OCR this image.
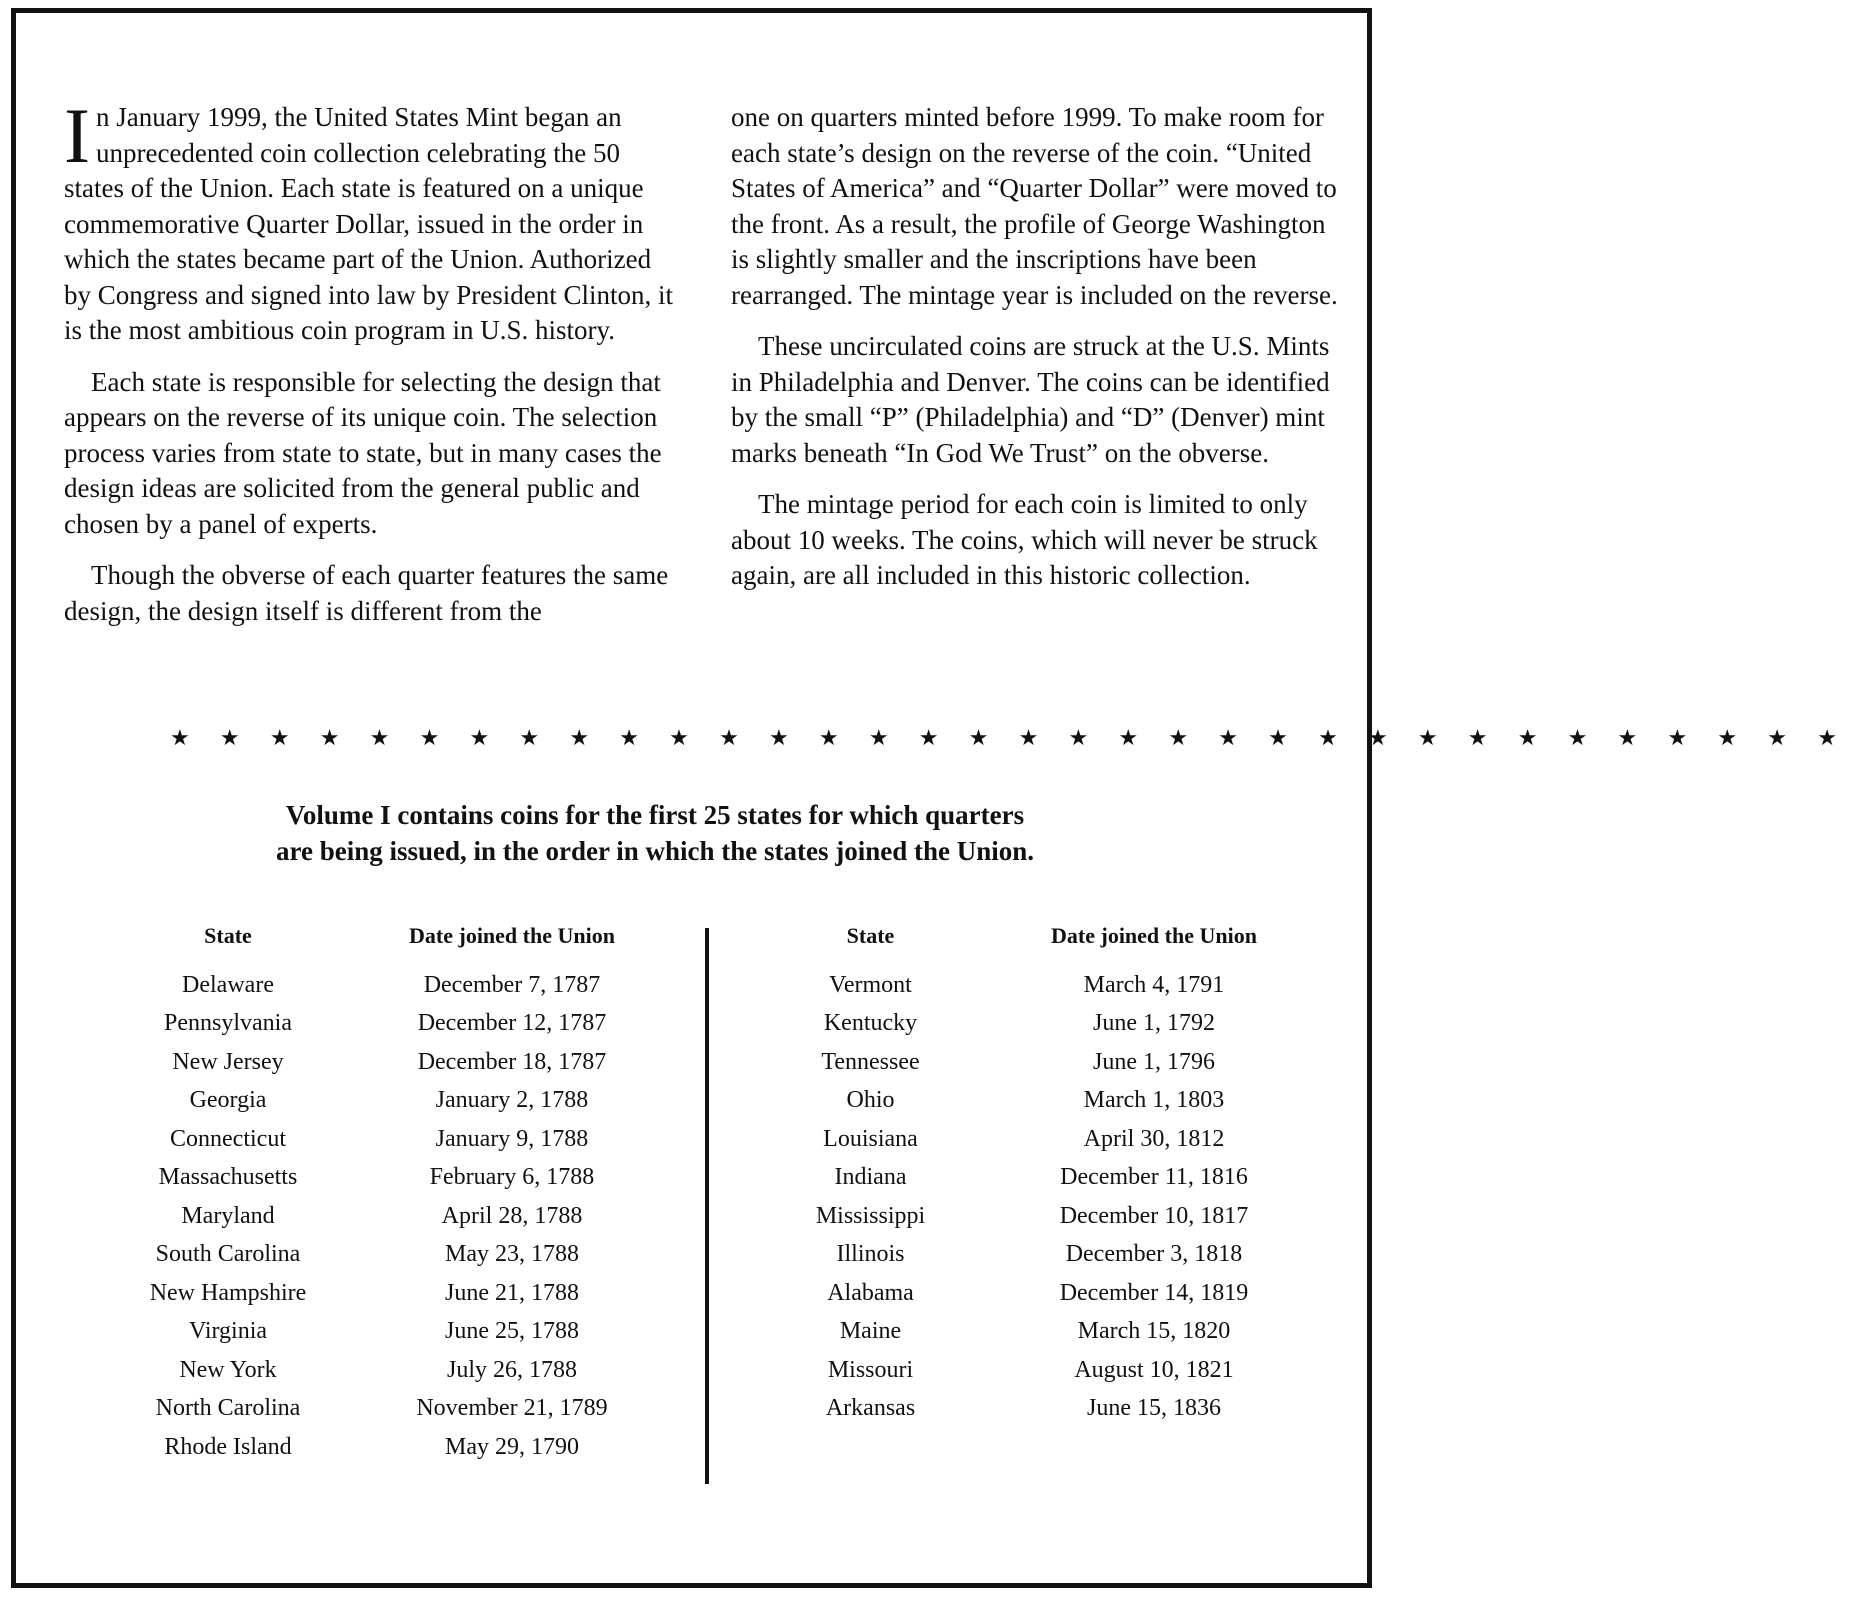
In January 1999, the United States Mint began an unprecedented coin collection celebrating the 50 states of the Union. Each state is featured on a unique commemorative Quarter Dollar, issued in the order in which the states became part of the Union. Authorized by Congress and signed into law by President Clinton, it is the most ambitious coin program in U.S. history.

Each state is responsible for selecting the design that appears on the reverse of its unique coin. The selection process varies from state to state, but in many cases the design ideas are solicited from the general public and chosen by a panel of experts.

Though the obverse of each quarter features the same design, the design itself is different from the

one on quarters minted before 1999. To make room for each state’s design on the reverse of the coin. “United States of America” and “Quarter Dollar” were moved to the front. As a result, the profile of George Washington is slightly smaller and the inscriptions have been rearranged. The mintage year is included on the reverse.

These uncirculated coins are struck at the U.S. Mints in Philadelphia and Denver. The coins can be identified by the small “P” (Philadelphia) and “D” (Denver) mint marks beneath “In God We Trust” on the obverse.

The mintage period for each coin is limited to only about 10 weeks. The coins, which will never be struck again, are all included in this historic collection.

★ ★ ★ ★ ★ ★ ★ ★ ★ ★ ★ ★ ★ ★ ★ ★ ★ ★ ★ ★ ★ ★ ★ ★ ★ ★ ★ ★ ★ ★ ★ ★ ★ ★
Volume I contains coins for the first 25 states for which quarters
are being issued, in the order in which the states joined the Union.
State	Date joined the Union
Delaware	December 7, 1787
Pennsylvania	December 12, 1787
New Jersey	December 18, 1787
Georgia	January 2, 1788
Connecticut	January 9, 1788
Massachusetts	February 6, 1788
Maryland	April 28, 1788
South Carolina	May 23, 1788
New Hampshire	June 21, 1788
Virginia	June 25, 1788
New York	July 26, 1788
North Carolina	November 21, 1789
Rhode Island	May 29, 1790
State	Date joined the Union
Vermont	March 4, 1791
Kentucky	June 1, 1792
Tennessee	June 1, 1796
Ohio	March 1, 1803
Louisiana	April 30, 1812
Indiana	December 11, 1816
Mississippi	December 10, 1817
Illinois	December 3, 1818
Alabama	December 14, 1819
Maine	March 15, 1820
Missouri	August 10, 1821
Arkansas	June 15, 1836
